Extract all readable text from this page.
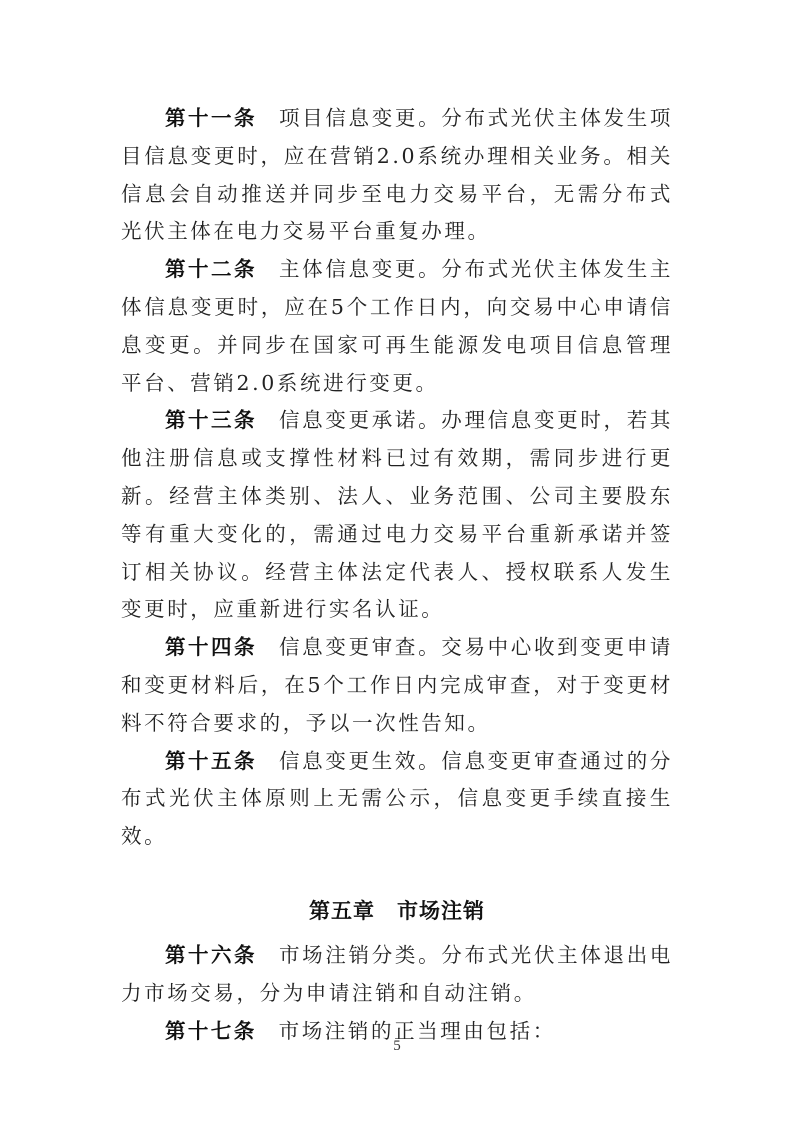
第十一条 项目信息变更。分布式光伏主体发生项目信息变更时，应在营销2.0系统办理相关业务。相关信息会自动推送并同步至电力交易平台，无需分布式光伏主体在电力交易平台重复办理。

第十二条 主体信息变更。分布式光伏主体发生主体信息变更时，应在5个工作日内，向交易中心申请信息变更。并同步在国家可再生能源发电项目信息管理平台、营销2.0系统进行变更。

第十三条 信息变更承诺。办理信息变更时，若其他注册信息或支撑性材料已过有效期，需同步进行更新。经营主体类别、法人、业务范围、公司主要股东等有重大变化的，需通过电力交易平台重新承诺并签订相关协议。经营主体法定代表人、授权联系人发生变更时，应重新进行实名认证。

第十四条 信息变更审查。交易中心收到变更申请和变更材料后，在5个工作日内完成审查，对于变更材料不符合要求的，予以一次性告知。

第十五条 信息变更生效。信息变更审查通过的分布式光伏主体原则上无需公示，信息变更手续直接生效。

第五章 市场注销

第十六条 市场注销分类。分布式光伏主体退出电力市场交易，分为申请注销和自动注销。

第十七条 市场注销的正当理由包括：

5
